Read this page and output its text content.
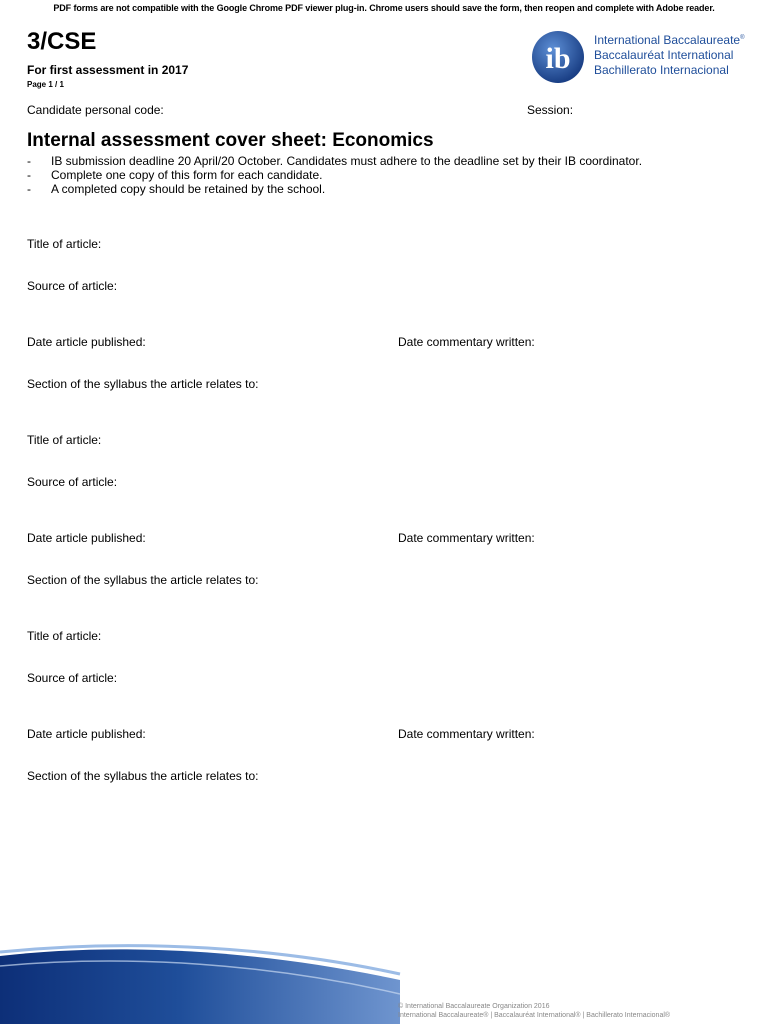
PDF forms are not compatible with the Google Chrome PDF viewer plug-in. Chrome users should save the form, then reopen and complete with Adobe reader.
3/CSE
For first assessment in 2017
Page 1 / 1
ib
International Baccalaureate®
Baccalauréat International
Bachillerato Internacional
Candidate personal code:	Session:
Internal assessment cover sheet: Economics
- IB submission deadline 20 April/20 October. Candidates must adhere to the deadline set by their IB coordinator.
- Complete one copy of this form for each candidate.
- A completed copy should be retained by the school.
Title of article:
Source of article:
Date article published:	Date commentary written:
Section of the syllabus the article relates to:
Title of article:
Source of article:
Date article published:	Date commentary written:
Section of the syllabus the article relates to:
Title of article:
Source of article:
Date article published:	Date commentary written:
Section of the syllabus the article relates to:
© International Baccalaureate Organization 2016
International Baccalaureate® | Baccalauréat International® | Bachillerato Internacional®
